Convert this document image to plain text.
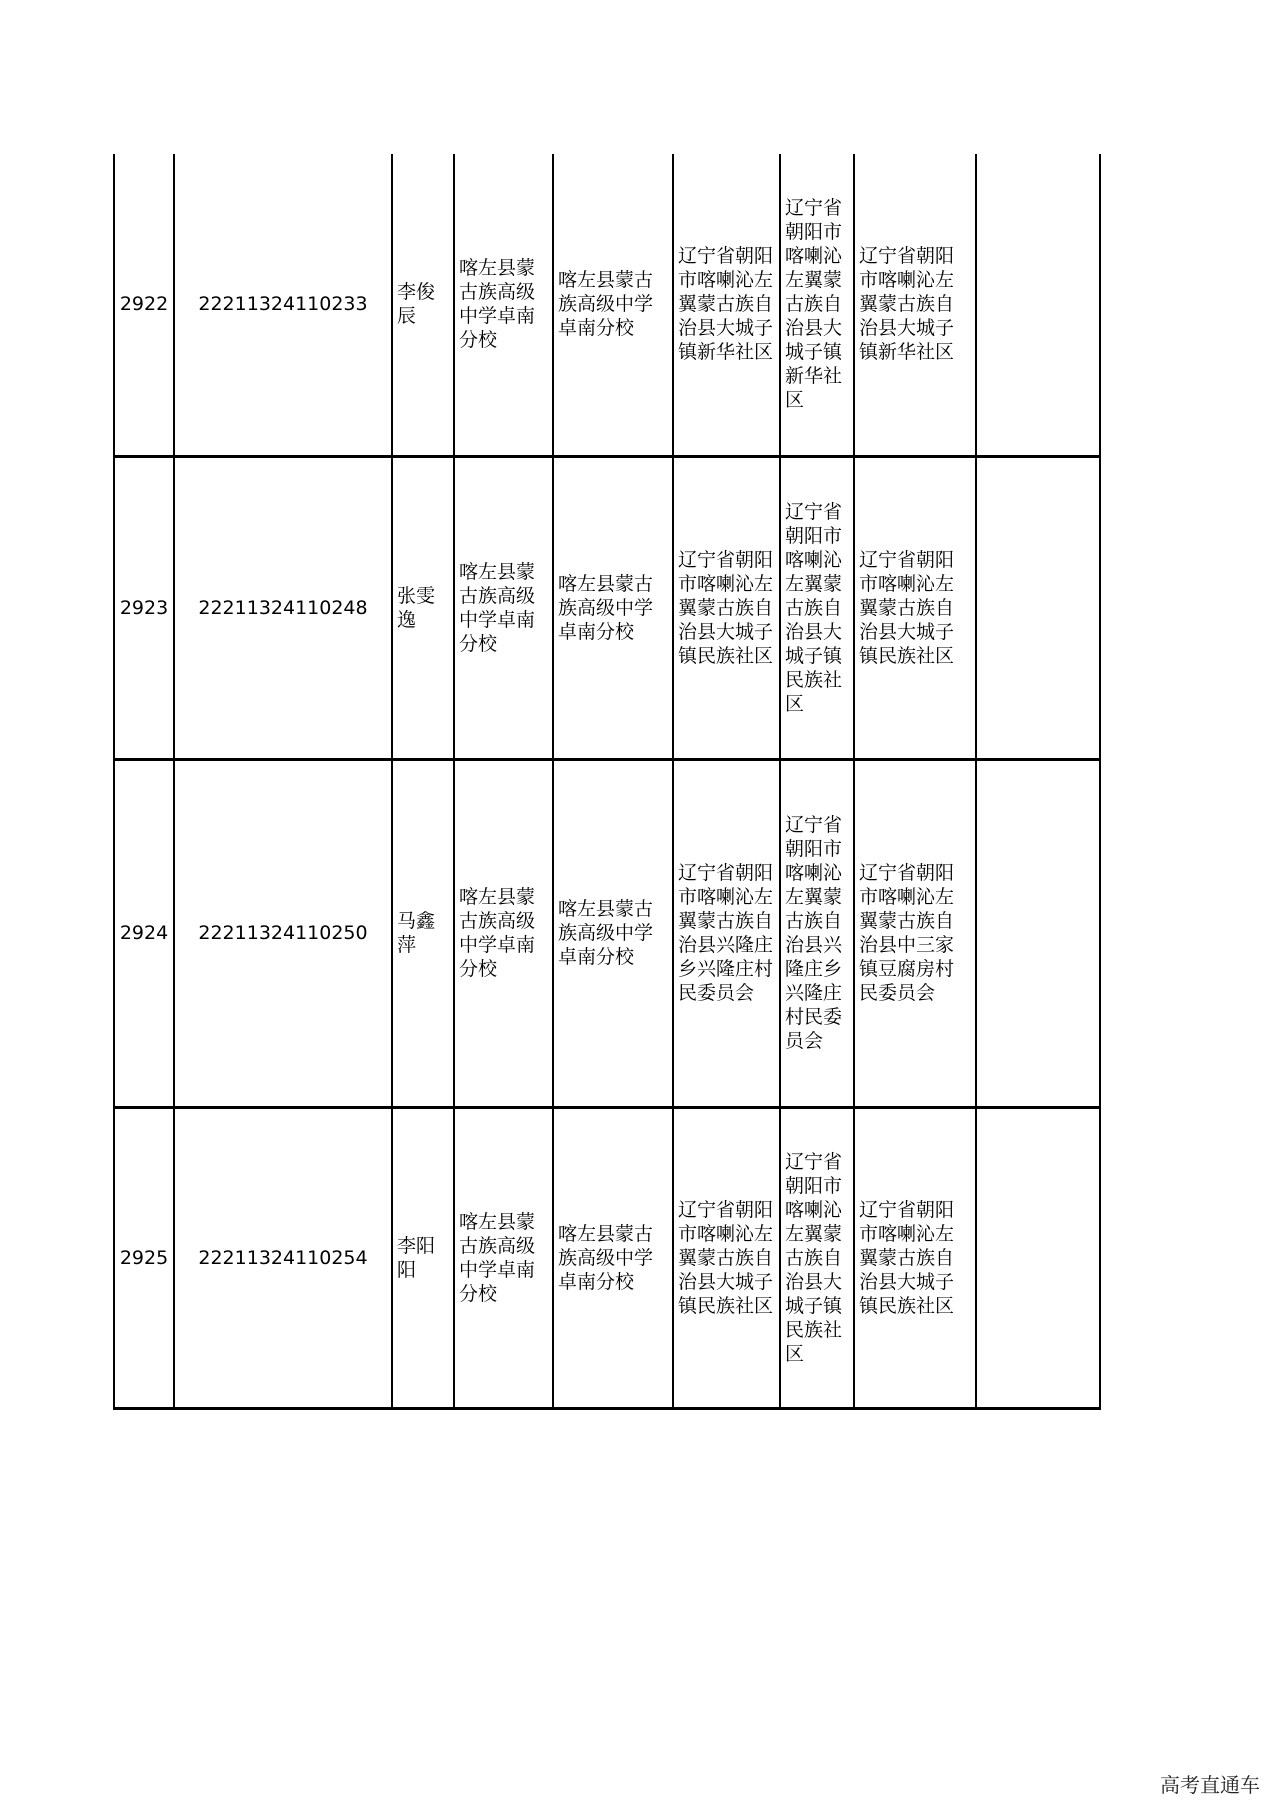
2922	22211324110233	李俊辰	喀左县蒙古族高级中学卓南分校	喀左县蒙古族高级中学卓南分校	辽宁省朝阳市喀喇沁左翼蒙古族自治县大城子镇新华社区	辽宁省朝阳市喀喇沁左翼蒙古族自治县大城子镇新华社区	辽宁省朝阳市喀喇沁左翼蒙古族自治县大城子镇新华社区	
2923	22211324110248	张雯逸	喀左县蒙古族高级中学卓南分校	喀左县蒙古族高级中学卓南分校	辽宁省朝阳市喀喇沁左翼蒙古族自治县大城子镇民族社区	辽宁省朝阳市喀喇沁左翼蒙古族自治县大城子镇民族社区	辽宁省朝阳市喀喇沁左翼蒙古族自治县大城子镇民族社区	
2924	22211324110250	马鑫萍	喀左县蒙古族高级中学卓南分校	喀左县蒙古族高级中学卓南分校	辽宁省朝阳市喀喇沁左翼蒙古族自治县兴隆庄乡兴隆庄村民委员会	辽宁省朝阳市喀喇沁左翼蒙古族自治县兴隆庄乡兴隆庄村民委员会	辽宁省朝阳市喀喇沁左翼蒙古族自治县中三家镇豆腐房村民委员会	
2925	22211324110254	李阳阳	喀左县蒙古族高级中学卓南分校	喀左县蒙古族高级中学卓南分校	辽宁省朝阳市喀喇沁左翼蒙古族自治县大城子镇民族社区	辽宁省朝阳市喀喇沁左翼蒙古族自治县大城子镇民族社区	辽宁省朝阳市喀喇沁左翼蒙古族自治县大城子镇民族社区	
高考直通车
